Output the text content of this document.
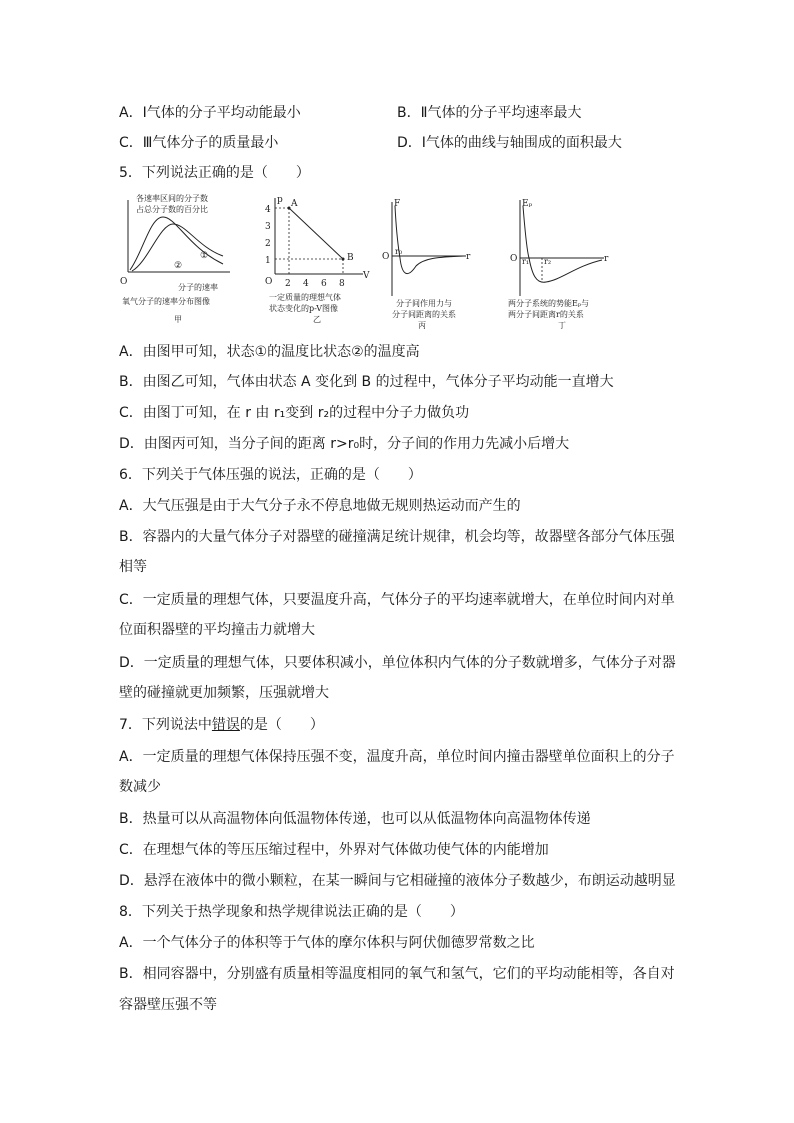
A．Ⅰ气体的分子平均动能最小	B．Ⅱ气体的分子平均速率最大
C．Ⅲ气体分子的质量最小	D．Ⅰ气体的曲线与轴围成的面积最大
5．下列说法正确的是（　　）
各速率区间的分子数
占总分子数的百分比
①
②
O
分子的速率
氧气分子的速率分布图像
甲
p
V
4
3
2
1
2 4 6 8
O
A
B
一定质量的理想气体
状态变化的p-V图像
乙
F
r
O
r₀
分子间作用力与
分子间距离的关系
丙
Eₚ
r
O r₁ r₂
两分子系统的势能Eₚ与
两分子间距离r的关系
丁
A．由图甲可知，状态①的温度比状态②的温度高
B．由图乙可知，气体由状态 A 变化到 B 的过程中，气体分子平均动能一直增大
C．由图丁可知，在 r 由 r₁变到 r₂的过程中分子力做负功
D．由图丙可知，当分子间的距离 r>r₀时，分子间的作用力先减小后增大
6．下列关于气体压强的说法，正确的是（　　）
A．大气压强是由于大气分子永不停息地做无规则热运动而产生的
B．容器内的大量气体分子对器壁的碰撞满足统计规律，机会均等，故器壁各部分气体压强
相等
C．一定质量的理想气体，只要温度升高，气体分子的平均速率就增大，在单位时间内对单
位面积器壁的平均撞击力就增大
D．一定质量的理想气体，只要体积减小，单位体积内气体的分子数就增多，气体分子对器
壁的碰撞就更加频繁，压强就增大
7．下列说法中错误的是（　　）
A．一定质量的理想气体保持压强不变，温度升高，单位时间内撞击器壁单位面积上的分子
数减少
B．热量可以从高温物体向低温物体传递，也可以从低温物体向高温物体传递
C．在理想气体的等压压缩过程中，外界对气体做功使气体的内能增加
D．悬浮在液体中的微小颗粒，在某一瞬间与它相碰撞的液体分子数越少，布朗运动越明显
8．下列关于热学现象和热学规律说法正确的是（　　）
A．一个气体分子的体积等于气体的摩尔体积与阿伏伽德罗常数之比
B．相同容器中，分别盛有质量相等温度相同的氧气和氢气，它们的平均动能相等，各自对
容器壁压强不等
